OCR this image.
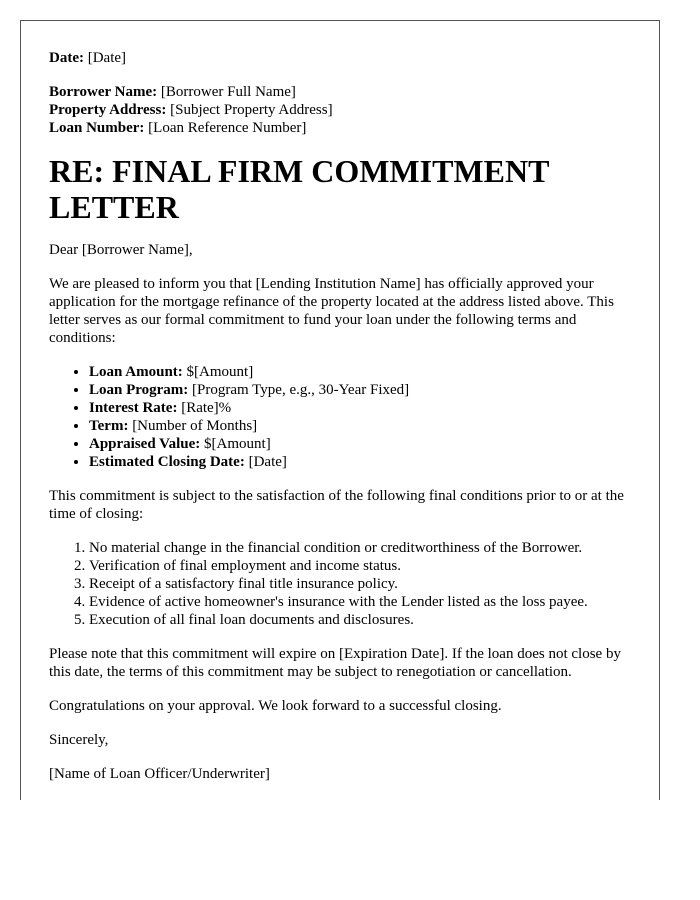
Date: [Date]

Borrower Name: [Borrower Full Name]

Property Address: [Subject Property Address]

Loan Number: [Loan Reference Number]

RE: FINAL FIRM COMMITMENT LETTER

Dear [Borrower Name],

We are pleased to inform you that [Lending Institution Name] has officially approved your application for the mortgage refinance of the property located at the address listed above. This letter serves as our formal commitment to fund your loan under the following terms and conditions:

• Loan Amount: $[Amount]
• Loan Program: [Program Type, e.g., 30-Year Fixed]
• Interest Rate: [Rate]%
• Term: [Number of Months]
• Appraised Value: $[Amount]
• Estimated Closing Date: [Date]

This commitment is subject to the satisfaction of the following final conditions prior to or at the time of closing:

1. No material change in the financial condition or creditworthiness of the Borrower.
2. Verification of final employment and income status.
3. Receipt of a satisfactory final title insurance policy.
4. Evidence of active homeowner's insurance with the Lender listed as the loss payee.
5. Execution of all final loan documents and disclosures.

Please note that this commitment will expire on [Expiration Date]. If the loan does not close by this date, the terms of this commitment may be subject to renegotiation or cancellation.

Congratulations on your approval. We look forward to a successful closing.

Sincerely,

[Name of Loan Officer/Underwriter]
